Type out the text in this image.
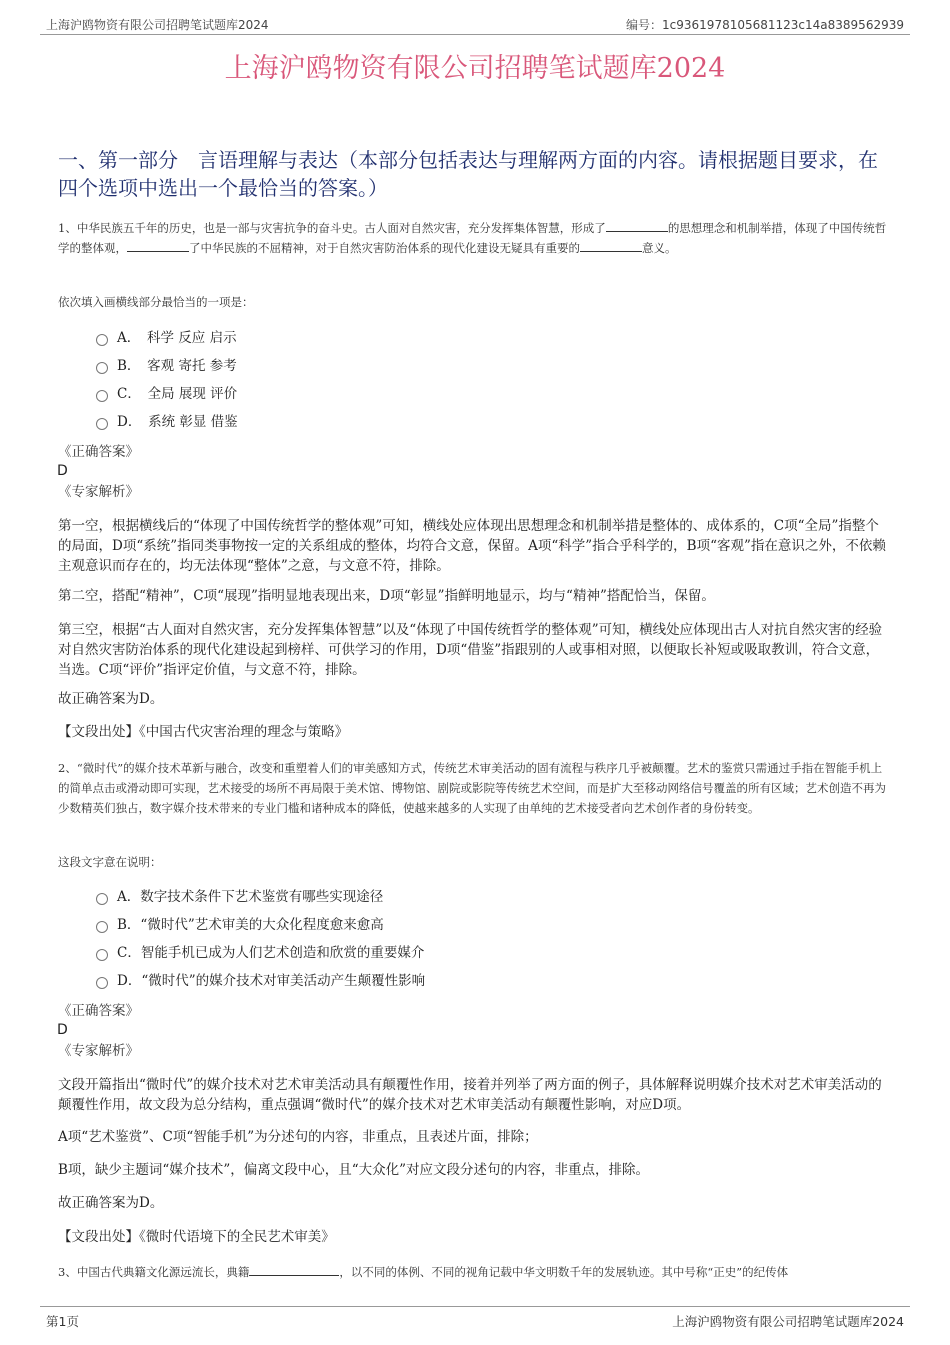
上海沪鸥物资有限公司招聘笔试题库2024	编号：1c9361978105681123c14a8389562939
上海沪鸥物资有限公司招聘笔试题库2024
一、第一部分　言语理解与表达（本部分包括表达与理解两方面的内容。请根据题目要求，在四个选项中选出一个最恰当的答案。）
1、中华民族五千年的历史，也是一部与灾害抗争的奋斗史。古人面对自然灾害，充分发挥集体智慧，形成了	的思想理念和机制举措，体现了中国传统哲学的整体观，	了中华民族的不屈精神，对于自然灾害防治体系的现代化建设无疑具有重要的	意义。
依次填入画横线部分最恰当的一项是：
A．　科学 反应 启示
B．　客观 寄托 参考
C．　全局 展现 评价
D．　系统 彰显 借鉴
《正确答案》
D
《专家解析》
第一空，根据横线后的“体现了中国传统哲学的整体观”可知，横线处应体现出思想理念和机制举措是整体的、成体系的，C项“全局”指整个的局面，D项“系统”指同类事物按一定的关系组成的整体，均符合文意，保留。A项“科学”指合乎科学的，B项“客观”指在意识之外，不依赖主观意识而存在的，均无法体现“整体”之意，与文意不符，排除。
第二空，搭配“精神”，C项“展现”指明显地表现出来，D项“彰显”指鲜明地显示，均与“精神”搭配恰当，保留。
第三空，根据“古人面对自然灾害，充分发挥集体智慧”以及“体现了中国传统哲学的整体观”可知，横线处应体现出古人对抗自然灾害的经验对自然灾害防治体系的现代化建设起到榜样、可供学习的作用，D项“借鉴”指跟别的人或事相对照，以便取长补短或吸取教训，符合文意，当选。C项“评价”指评定价值，与文意不符，排除。
故正确答案为D。
【文段出处】《中国古代灾害治理的理念与策略》
2、“微时代”的媒介技术革新与融合，改变和重塑着人们的审美感知方式，传统艺术审美活动的固有流程与秩序几乎被颠覆。艺术的鉴赏只需通过手指在智能手机上的简单点击或滑动即可实现，艺术接受的场所不再局限于美术馆、博物馆、剧院或影院等传统艺术空间，而是扩大至移动网络信号覆盖的所有区域；艺术创造不再为少数精英们独占，数字媒介技术带来的专业门槛和诸种成本的降低，使越来越多的人实现了由单纯的艺术接受者向艺术创作者的身份转变。
这段文字意在说明：
A．数字技术条件下艺术鉴赏有哪些实现途径
B．“微时代”艺术审美的大众化程度愈来愈高
C．智能手机已成为人们艺术创造和欣赏的重要媒介
D．“微时代”的媒介技术对审美活动产生颠覆性影响
《正确答案》
D
《专家解析》
文段开篇指出“微时代”的媒介技术对艺术审美活动具有颠覆性作用，接着并列举了两方面的例子，具体解释说明媒介技术对艺术审美活动的颠覆性作用，故文段为总分结构，重点强调“微时代”的媒介技术对艺术审美活动有颠覆性影响，对应D项。
A项“艺术鉴赏”、C项“智能手机”为分述句的内容，非重点，且表述片面，排除；
B项，缺少主题词“媒介技术”，偏离文段中心，且“大众化”对应文段分述句的内容，非重点，排除。
故正确答案为D。
【文段出处】《微时代语境下的全民艺术审美》
3、中国古代典籍文化源远流长，典籍	，以不同的体例、不同的视角记载中华文明数千年的发展轨迹。其中号称“正史”的纪传体
第1页	上海沪鸥物资有限公司招聘笔试题库2024
